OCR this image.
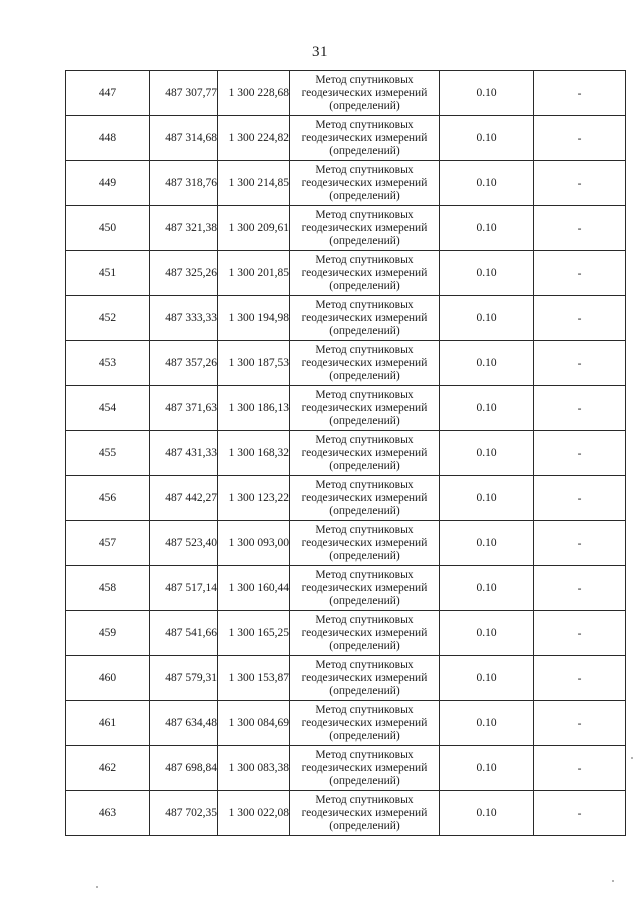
31
447	487 307,77	1 300 228,68	Метод спутниковых
геодезических измерений
(определений)	0.10	-
448	487 314,68	1 300 224,82	Метод спутниковых
геодезических измерений
(определений)	0.10	-
449	487 318,76	1 300 214,85	Метод спутниковых
геодезических измерений
(определений)	0.10	-
450	487 321,38	1 300 209,61	Метод спутниковых
геодезических измерений
(определений)	0.10	-
451	487 325,26	1 300 201,85	Метод спутниковых
геодезических измерений
(определений)	0.10	-
452	487 333,33	1 300 194,98	Метод спутниковых
геодезических измерений
(определений)	0.10	-
453	487 357,26	1 300 187,53	Метод спутниковых
геодезических измерений
(определений)	0.10	-
454	487 371,63	1 300 186,13	Метод спутниковых
геодезических измерений
(определений)	0.10	-
455	487 431,33	1 300 168,32	Метод спутниковых
геодезических измерений
(определений)	0.10	-
456	487 442,27	1 300 123,22	Метод спутниковых
геодезических измерений
(определений)	0.10	-
457	487 523,40	1 300 093,00	Метод спутниковых
геодезических измерений
(определений)	0.10	-
458	487 517,14	1 300 160,44	Метод спутниковых
геодезических измерений
(определений)	0.10	-
459	487 541,66	1 300 165,25	Метод спутниковых
геодезических измерений
(определений)	0.10	-
460	487 579,31	1 300 153,87	Метод спутниковых
геодезических измерений
(определений)	0.10	-
461	487 634,48	1 300 084,69	Метод спутниковых
геодезических измерений
(определений)	0.10	-
462	487 698,84	1 300 083,38	Метод спутниковых
геодезических измерений
(определений)	0.10	-
463	487 702,35	1 300 022,08	Метод спутниковых
геодезических измерений
(определений)	0.10	-
